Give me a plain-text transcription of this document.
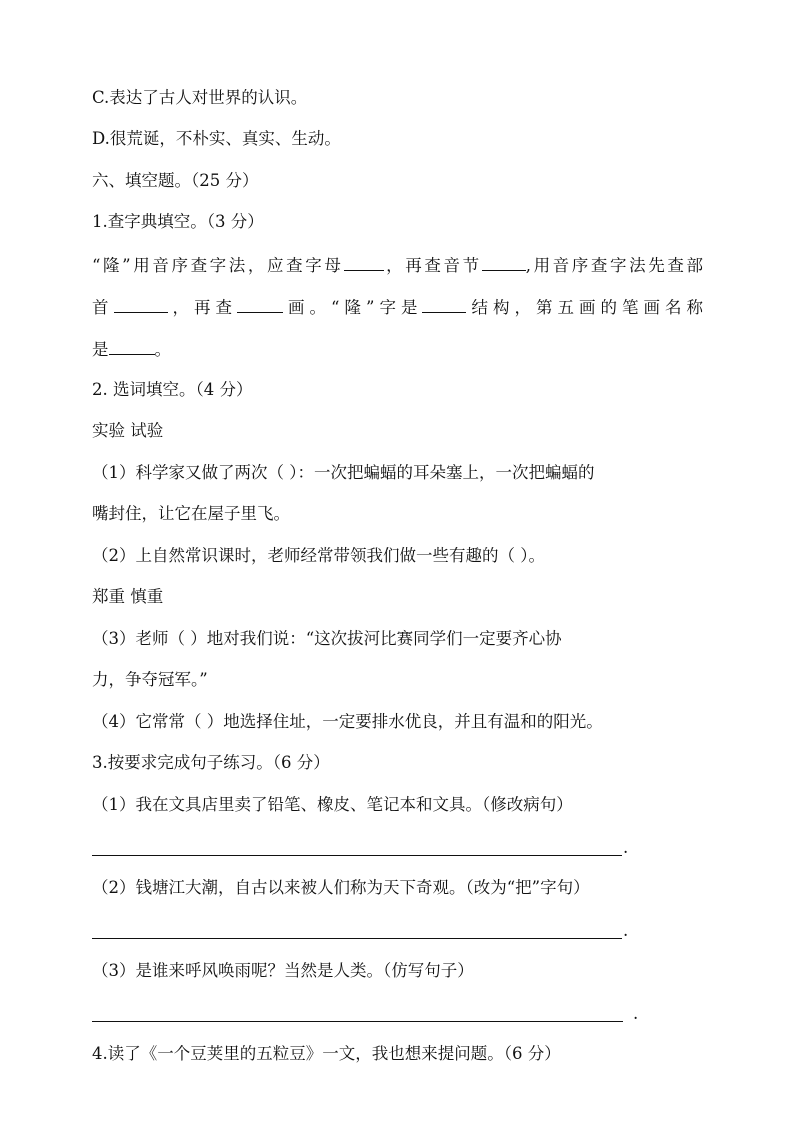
C.表达了古人对世界的认识。
D.很荒诞，不朴实、真实、生动。
六、填空题。（25 分）
1.查字典填空。（3 分）
“隆”用音序查字法，应查字母 ，再查音节	,用音序查字法先查部
首	，再查	画。“隆”字是	结构，第五画的笔画名称
是	。
2. 选词填空。（4 分）
实验 试验
（1）科学家又做了两次（ ）：一次把蝙蝠的耳朵塞上，一次把蝙蝠的
嘴封住，让它在屋子里飞。
（2）上自然常识课时，老师经常带领我们做一些有趣的（ ）。
郑重 慎重
（3）老师（ ）地对我们说：“这次拔河比赛同学们一定要齐心协
力，争夺冠军。”
（4）它常常（ ）地选择住址，一定要排水优良，并且有温和的阳光。
3.按要求完成句子练习。（6 分）
（1）我在文具店里卖了铅笔、橡皮、笔记本和文具。（修改病句）
.
（2）钱塘江大潮，自古以来被人们称为天下奇观。（改为“把”字句）
.
（3）是谁来呼风唤雨呢？当然是人类。（仿写句子）
.
4.读了《一个豆荚里的五粒豆》一文，我也想来提问题。（6 分）
